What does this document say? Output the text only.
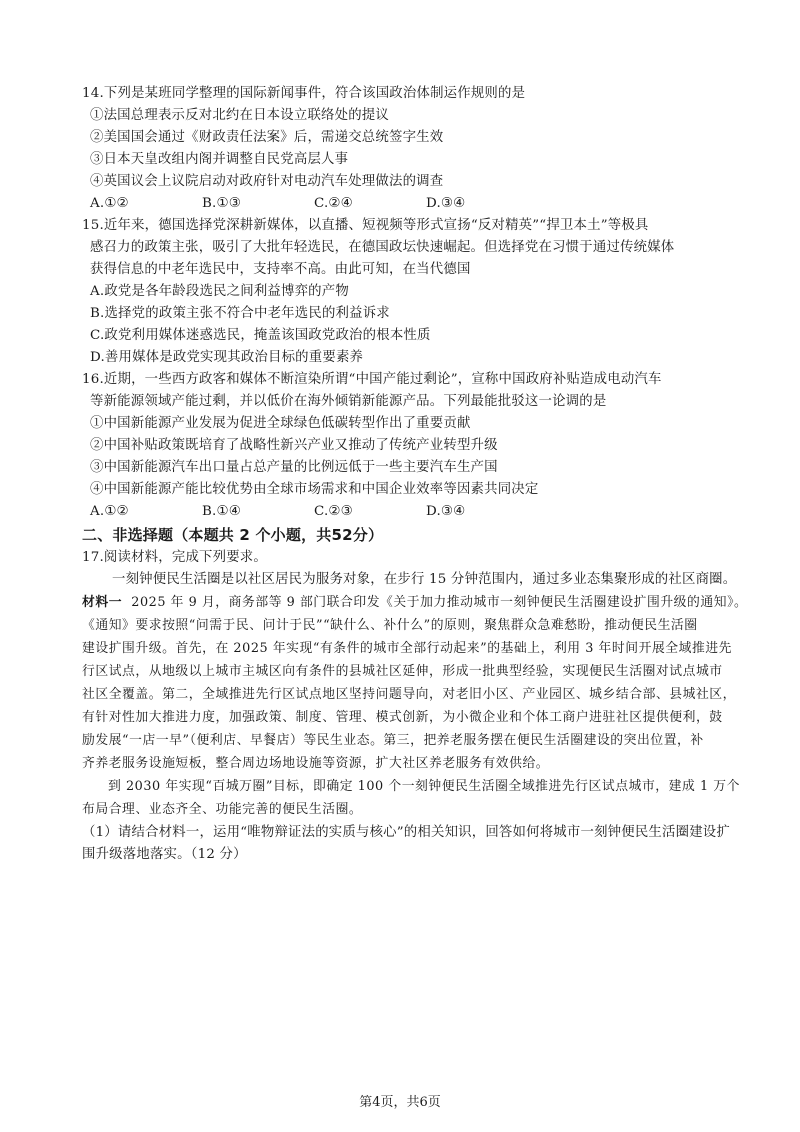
14.下列是某班同学整理的国际新闻事件，符合该国政治体制运作规则的是
①法国总理表示反对北约在日本设立联络处的提议
②美国国会通过《财政责任法案》后，需递交总统签字生效
③日本天皇改组内阁并调整自民党高层人事
④英国议会上议院启动对政府针对电动汽车处理做法的调查
A.①②	B.①③	C.②④	D.③④
15.近年来，德国选择党深耕新媒体，以直播、短视频等形式宣扬“反对精英”“捍卫本土”等极具
感召力的政策主张，吸引了大批年轻选民，在德国政坛快速崛起。但选择党在习惯于通过传统媒体
获得信息的中老年选民中，支持率不高。由此可知，在当代德国
A.政党是各年龄段选民之间利益博弈的产物
B.选择党的政策主张不符合中老年选民的利益诉求
C.政党利用媒体迷惑选民，掩盖该国政党政治的根本性质
D.善用媒体是政党实现其政治目标的重要素养
16.近期，一些西方政客和媒体不断渲染所谓“中国产能过剩论”，宣称中国政府补贴造成电动汽车
等新能源领域产能过剩，并以低价在海外倾销新能源产品。下列最能批驳这一论调的是
①中国新能源产业发展为促进全球绿色低碳转型作出了重要贡献
②中国补贴政策既培育了战略性新兴产业又推动了传统产业转型升级
③中国新能源汽车出口量占总产量的比例远低于一些主要汽车生产国
④中国新能源产能比较优势由全球市场需求和中国企业效率等因素共同决定
A.①②	B.①④	C.②③	D.③④
二、非选择题（本题共 2 个小题，共52分）
17.阅读材料，完成下列要求。
一刻钟便民生活圈是以社区居民为服务对象，在步行 15 分钟范围内，通过多业态集聚形成的社区商圈。
材料一 2025 年 9 月，商务部等 9 部门联合印发《关于加力推动城市一刻钟便民生活圈建设扩围升级的通知》。
《通知》要求按照“问需于民、问计于民”“缺什么、补什么”的原则，聚焦群众急难愁盼，推动便民生活圈
建设扩围升级。首先，在 2025 年实现“有条件的城市全部行动起来”的基础上，利用 3 年时间开展全域推进先
行区试点，从地级以上城市主城区向有条件的县城社区延伸，形成一批典型经验，实现便民生活圈对试点城市
社区全覆盖。第二，全域推进先行区试点地区坚持问题导向，对老旧小区、产业园区、城乡结合部、县城社区，
有针对性加大推进力度，加强政策、制度、管理、模式创新，为小微企业和个体工商户进驻社区提供便利，鼓
励发展“一店一早”（便利店、早餐店）等民生业态。第三，把养老服务摆在便民生活圈建设的突出位置，补
齐养老服务设施短板，整合周边场地设施等资源，扩大社区养老服务有效供给。
到 2030 年实现“百城万圈”目标，即确定 100 个一刻钟便民生活圈全域推进先行区试点城市，建成 1 万个
布局合理、业态齐全、功能完善的便民生活圈。
（1）请结合材料一，运用“唯物辩证法的实质与核心”的相关知识，回答如何将城市一刻钟便民生活圈建设扩
围升级落地落实。（12 分）
第4页，共6页
